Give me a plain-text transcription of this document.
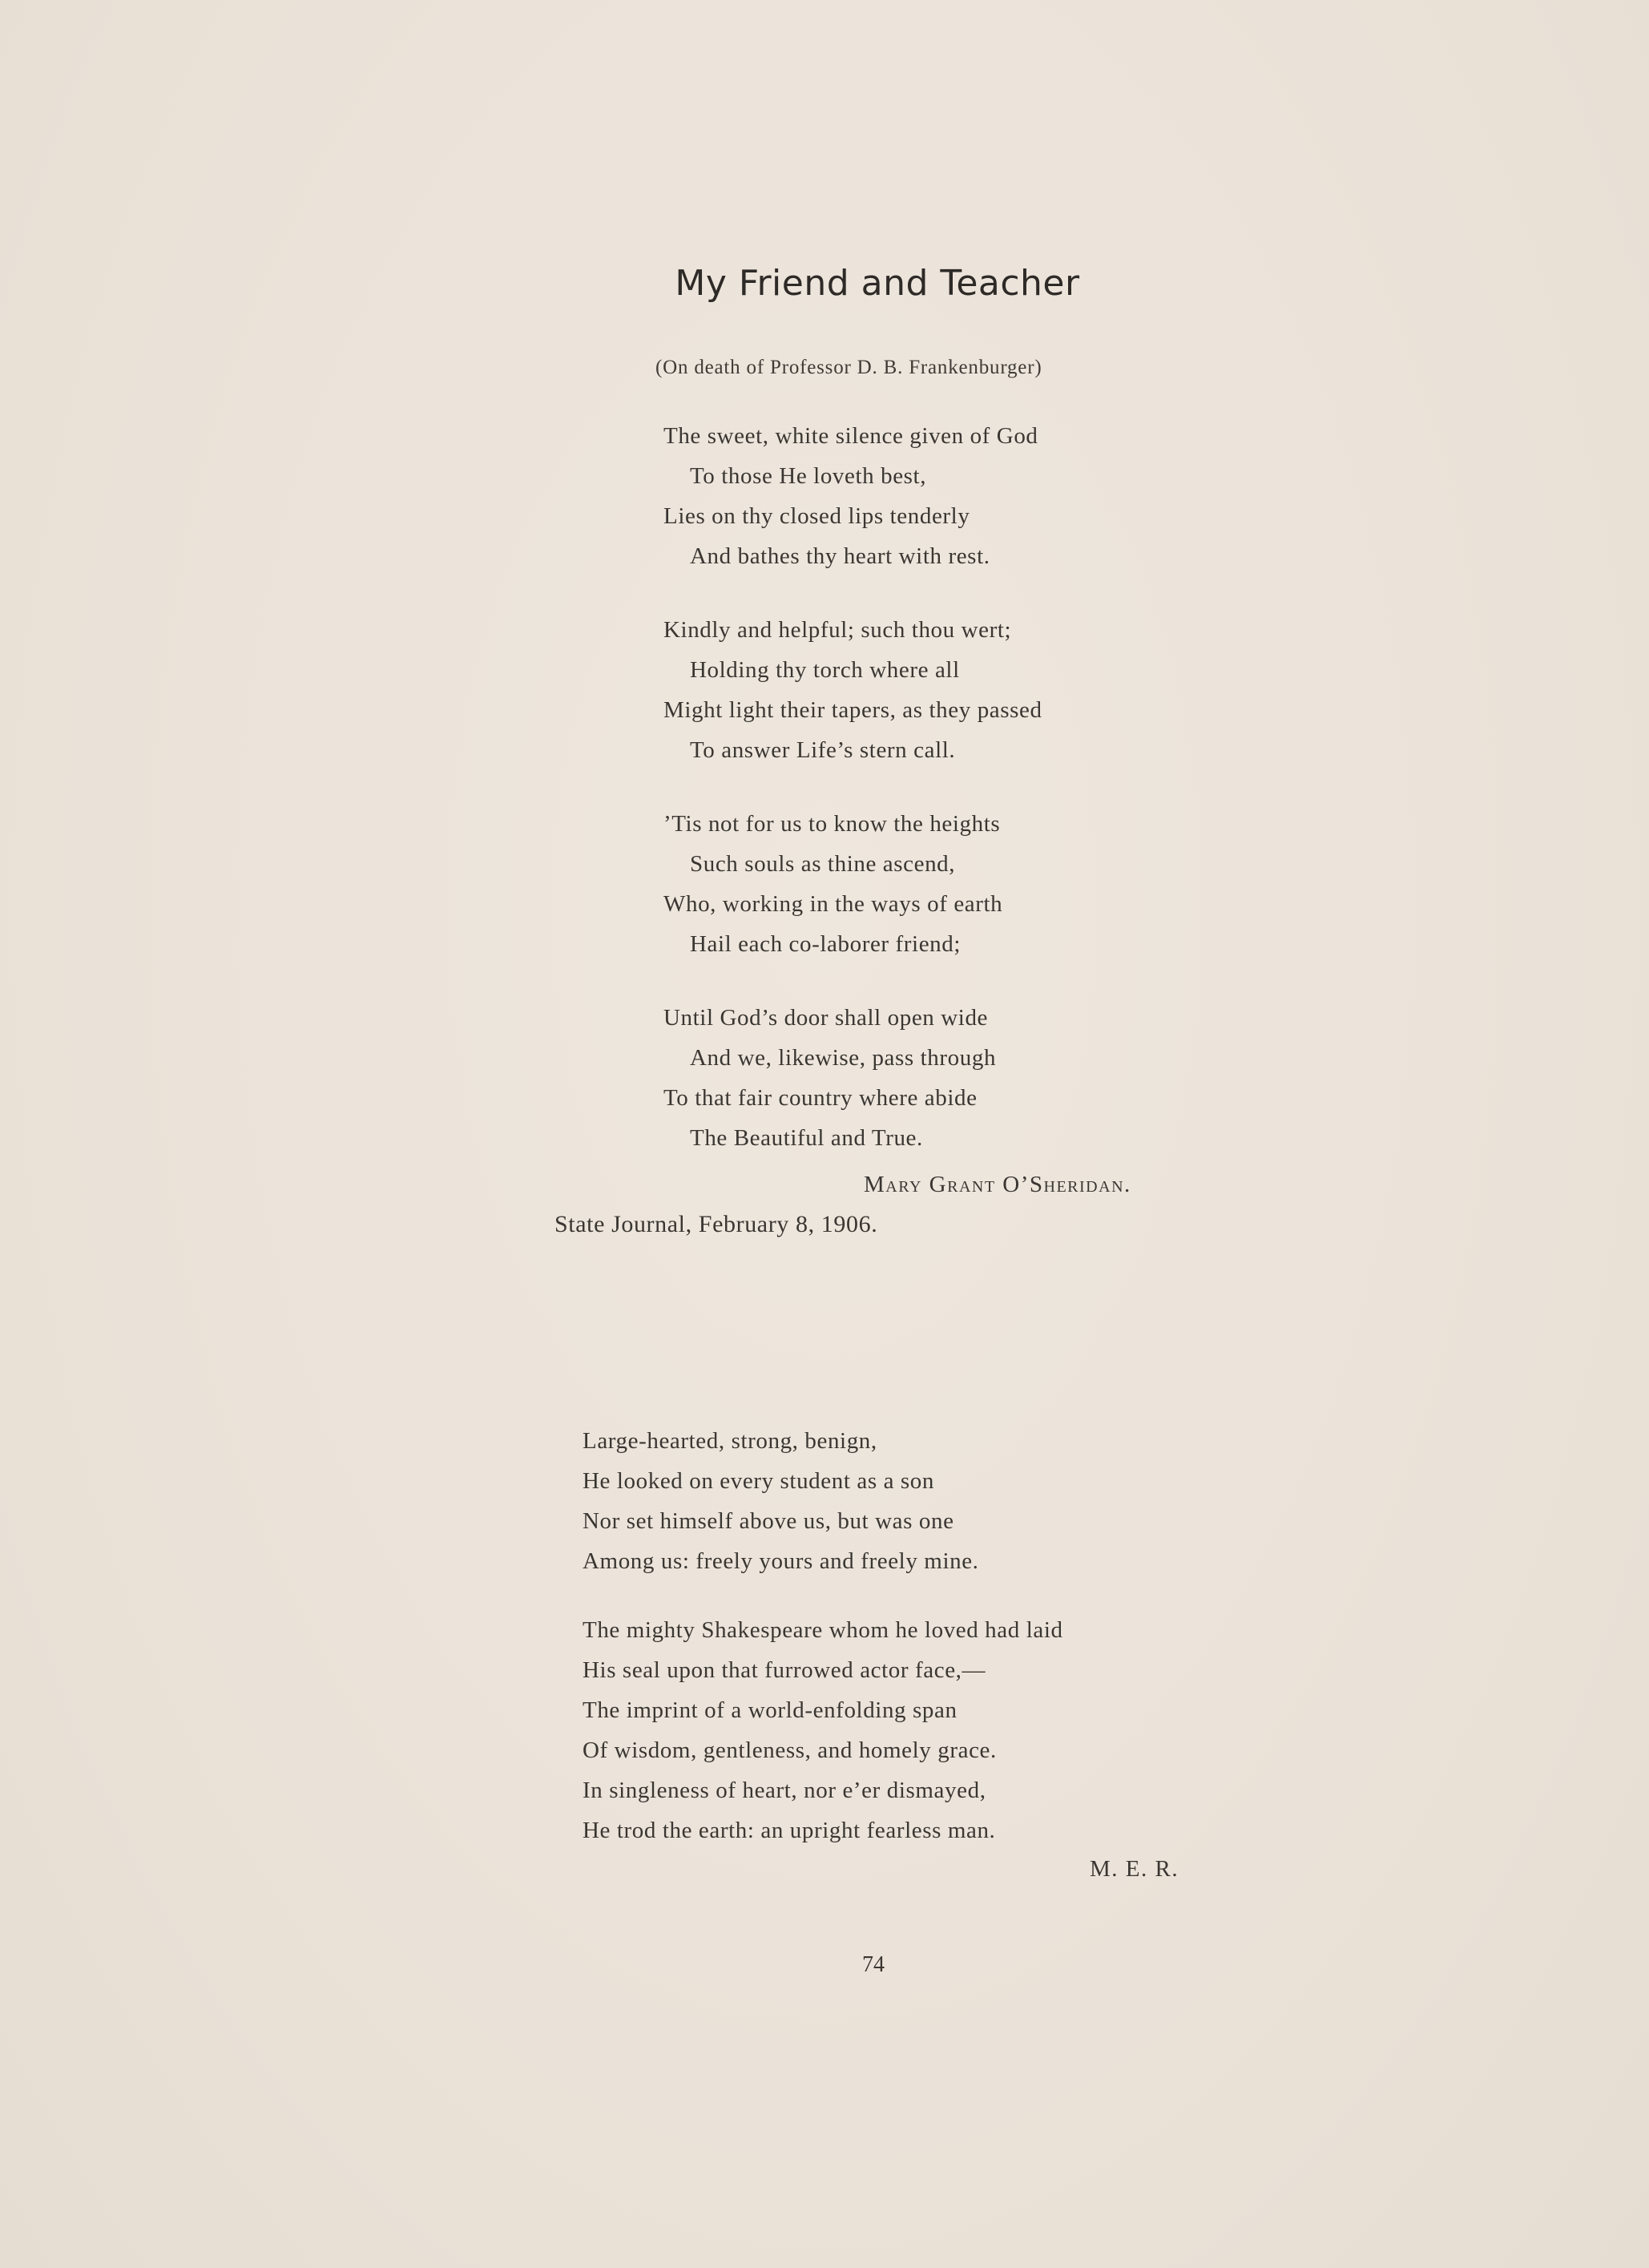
My Friend and Teacher

(On death of Professor D. B. Frankenburger)

The sweet, white silence given of God

To those He loveth best,

Lies on thy closed lips tenderly

And bathes thy heart with rest.

Kindly and helpful; such thou wert;

Holding thy torch where all

Might light their tapers, as they passed

To answer Life’s stern call.

’Tis not for us to know the heights

Such souls as thine ascend,

Who, working in the ways of earth

Hail each co-laborer friend;

Until God’s door shall open wide

And we, likewise, pass through

To that fair country where abide

The Beautiful and True.

Mary Grant O’Sheridan.

State Journal, February 8, 1906.

Large-hearted, strong, benign,

He looked on every student as a son

Nor set himself above us, but was one

Among us: freely yours and freely mine.

The mighty Shakespeare whom he loved had laid

His seal upon that furrowed actor face,—

The imprint of a world-enfolding span

Of wisdom, gentleness, and homely grace.

In singleness of heart, nor e’er dismayed,

He trod the earth: an upright fearless man.

M. E. R.

74
